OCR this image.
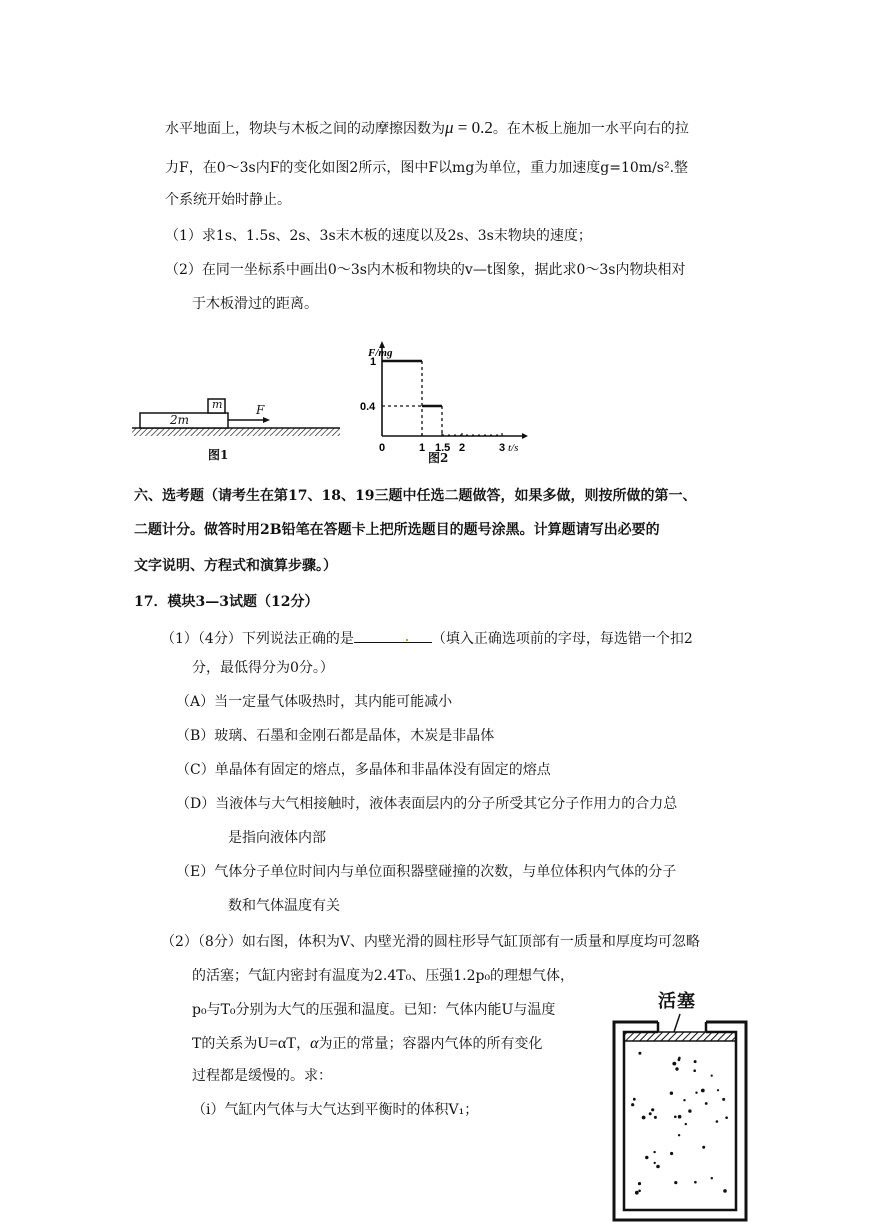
水平地面上，物块与木板之间的动摩擦因数为μ = 0.2。在木板上施加一水平向右的拉
力F，在0～3s内F的变化如图2所示，图中F以mg为单位，重力加速度g=10m/s².整
个系统开始时静止。
（1）求1s、1.5s、2s、3s末木板的速度以及2s、3s末物块的速度；
（2）在同一坐标系中画出0～3s内木板和物块的v—t图象，据此求0～3s内物块相对
于木板滑过的距离。
2m
m	F
图1
F/mg
t/s
0	1 1.5 2	3
1
0.4
图2
六、选考题（请考生在第17、18、19三题中任选二题做答，如果多做，则按所做的第一、
二题计分。做答时用2B铅笔在答题卡上把所选题目的题号涂黑。计算题请写出必要的
文字说明、方程式和演算步骤。）
17．模块3—3试题（12分）
（1）（4分）下列说法正确的是	（填入正确选项前的字母，每选错一个扣2
分，最低得分为0分。）
（A）当一定量气体吸热时，其内能可能减小
（B）玻璃、石墨和金刚石都是晶体，木炭是非晶体
（C）单晶体有固定的熔点，多晶体和非晶体没有固定的熔点
（D）当液体与大气相接触时，液体表面层内的分子所受其它分子作用力的合力总
是指向液体内部
（E）气体分子单位时间内与单位面积器壁碰撞的次数，与单位体积内气体的分子
数和气体温度有关
（2）（8分）如右图，体积为V、内壁光滑的圆柱形导气缸顶部有一质量和厚度均可忽略
的活塞；气缸内密封有温度为2.4T₀、压强1.2p₀的理想气体，
p₀与T₀分别为大气的压强和温度。已知：气体内能U与温度
T的关系为U=αT，α为正的常量；容器内气体的所有变化
过程都是缓慢的。求：
（i）气缸内气体与大气达到平衡时的体积V₁；
活塞
